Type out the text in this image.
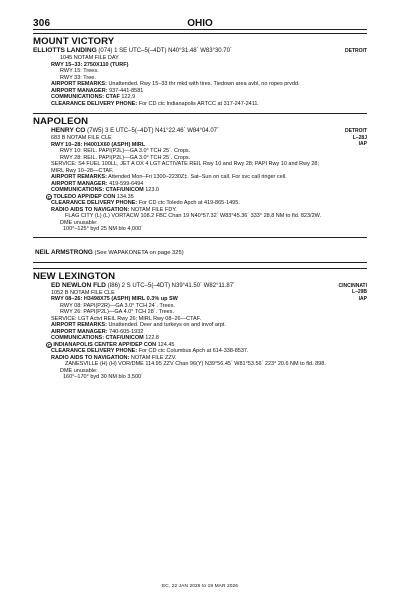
306	OHIO
MOUNT VICTORY
DETROIT
ELLIOTTS LANDING (074) 1 SE UTC–5(–4DT) N40°31.48´ W83°30.70´
1045 NOTAM FILE DAY
RWY 15–33: 2750X110 (TURF)
RWY 15: Trees.
RWY 33: Tree.
AIRPORT REMARKS: Unattended. Rwy 15–33 thr mkd with tires. Tiedown area avbl, no ropes prvdd.
AIRPORT MANAGER: 937-441-8581
COMMUNICATIONS: CTAF 122.9
CLEARANCE DELIVERY PHONE: For CD ctc Indianapolis ARTCC at 317-247-2411.
NAPOLEON
DETROIT
L–28J
IAP
HENRY CO (7W5) 3 E UTC–5(–4DT) N41°22.46´ W84°04.07´
683 B NOTAM FILE CLE
RWY 10–28: H4001X60 (ASPH) MIRL
RWY 10: REIL. PAPI(P2L)—GA 3.0° TCH 25´. Crops.
RWY 28: REIL. PAPI(P2L)—GA 3.0° TCH 25´. Crops.
SERVICE: S4 FUEL 100LL, JET A OX 4 LGT ACTIVATE REIL Rwy 10 and Rwy 28; PAPI Rwy 10 and Rwy 28; MIRL Rwy 10–28—CTAF.
AIRPORT REMARKS: Attended Mon–Fri 1300–2230Z‡. Sat–Sun on call. For svc call ringer cell.
AIRPORT MANAGER: 419-599-6494
COMMUNICATIONS: CTAF/UNICOM 123.0
C TOLEDO APP/DEP CON 134.35
CLEARANCE DELIVERY PHONE: For CD ctc Toledo Apch at 419-865-1495.
RADIO AIDS TO NAVIGATION: NOTAM FILE FDY.
FLAG CITY (L) (L) VORTACW 108.2 FBC Chan 19 N40°57.32´ W83°45.36´ 333° 28.8 NM to fld. 823/2W.
DME unusable:
100°–125° byd 25 NM blo 4,000´
NEIL ARMSTRONG (See WAPAKONETA on page 325)
NEW LEXINGTON
CINCINNATI
L–29B
IAP
ED NEWLON FLD (I86) 2 S UTC–5(–4DT) N39°41.50´ W82°11.87´
1052 B NOTAM FILE CLE
RWY 08–26: H3498X75 (ASPH) MIRL 0.3% up SW
RWY 08: PAPI(P2R)—GA 3.0° TCH 24´. Trees.
RWY 26: PAPI(P2L)—GA 4.0° TCH 28´. Trees.
SERVICE: LGT Actvt REIL Rwy 26; MIRL Rwy 08–26—CTAF.
AIRPORT REMARKS: Unattended. Deer and turkeys on and invof arpt.
AIRPORT MANAGER: 740-605-1932
COMMUNICATIONS: CTAF/UNICOM 122.8
C INDIANAPOLIS CENTER APP/DEP CON 124.45
CLEARANCE DELIVERY PHONE: For CD ctc Columbus Apch at 614-338-8537.
RADIO AIDS TO NAVIGATION: NOTAM FILE ZZV.
ZANESVILLE (H) (H) VOR/DME 114.95 ZZV Chan 96(Y) N39°56.45´ W81°53.56´ 223° 20.6 NM to fld. 898.
DME unusable:
160°–170° byd 30 NM blo 3,500´
EC, 22 JAN 2026 to 19 MAR 2026
